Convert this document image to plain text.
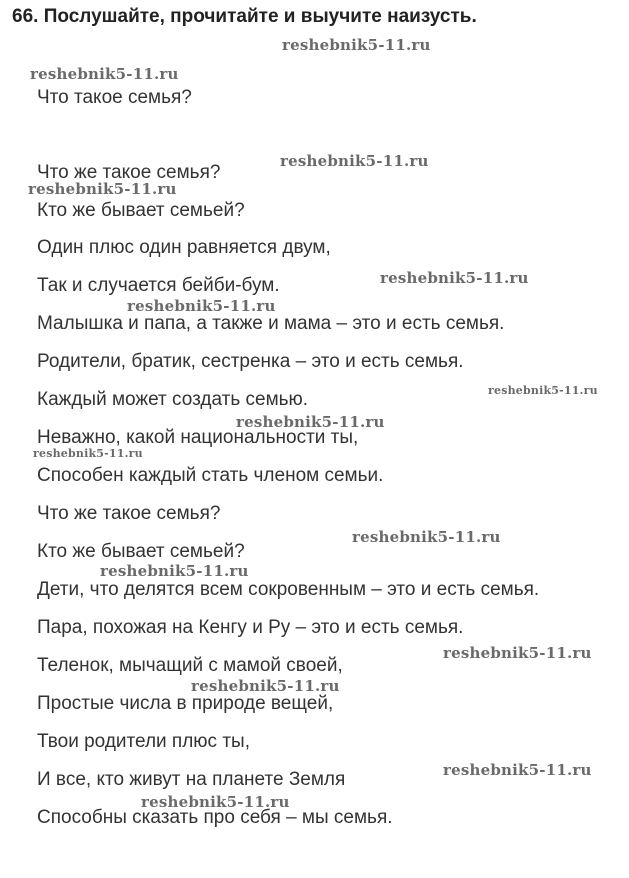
66. Послушайте, прочитайте и выучите наизусть.
Что такое семья?
Что же такое семья?
Кто же бывает семьей?
Один плюс один равняется двум,
Так и случается бейби-бум.
Малышка и папа, а также и мама – это и есть семья.
Родители, братик, сестренка – это и есть семья.
Каждый может создать семью.
Неважно, какой национальности ты,
Способен каждый стать членом семьи.
Что же такое семья?
Кто же бывает семьей?
Дети, что делятся всем сокровенным – это и есть семья.
Пара, похожая на Кенгу и Ру – это и есть семья.
Теленок, мычащий с мамой своей,
Простые числа в природе вещей,
Твои родители плюс ты,
И все, кто живут на планете Земля
Способны сказать про себя – мы семья.
reshebnik5-11.ru
reshebnik5-11.ru
reshebnik5-11.ru
reshebnik5-11.ru
reshebnik5-11.ru
reshebnik5-11.ru
reshebnik5-11.ru
reshebnik5-11.ru
reshebnik5-11.ru
reshebnik5-11.ru
reshebnik5-11.ru
reshebnik5-11.ru
reshebnik5-11.ru
reshebnik5-11.ru
reshebnik5-11.ru
